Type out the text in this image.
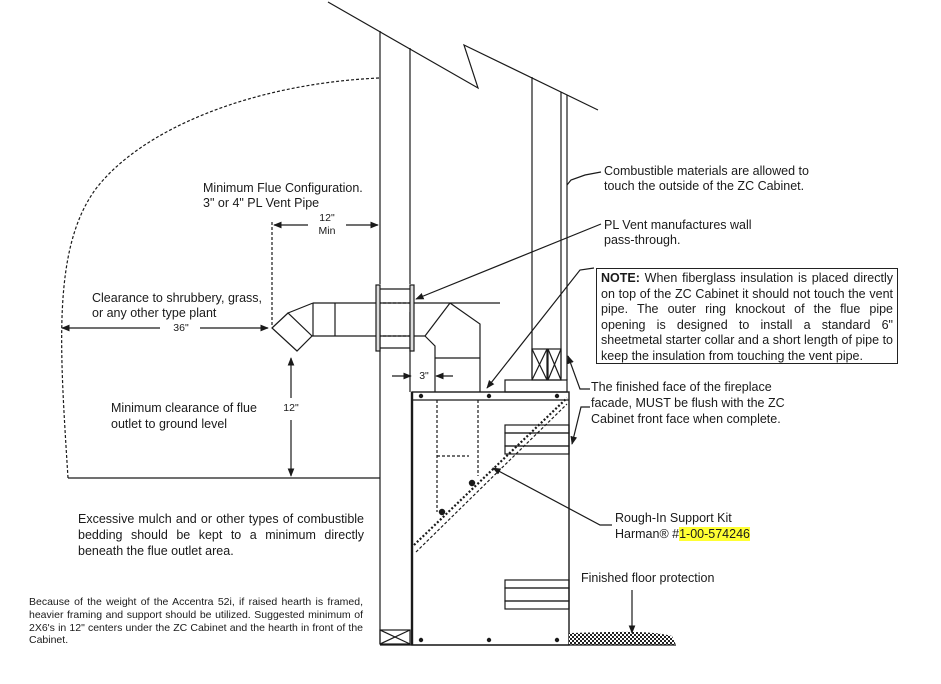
Minimum Flue Configuration.
3" or 4" PL Vent Pipe
12"
Min
Clearance to shrubbery, grass,
or any other type plant
36"
Minimum clearance of flue
outlet to ground level
12"
3"
Combustible materials are allowed to
touch the outside of the ZC Cabinet.
PL Vent manufactures wall
pass-through.
NOTE: When fiberglass insulation is placed directly on top of the ZC Cabinet it should not touch the vent pipe. The outer ring knockout of the flue pipe opening is designed to install a standard 6" sheetmetal starter collar and a short length of pipe to keep the insulation from touching the vent pipe.
The finished face of the fireplace
facade, MUST be flush with the ZC
Cabinet front face when complete.
Rough-In Support Kit
Harman® #1-00-574246
Finished floor protection
Excessive mulch and or other types of combustible bedding should be kept to a minimum directly beneath the flue outlet area.
Because of the weight of the Accentra 52i, if raised hearth is framed, heavier framing and support should be utilized. Suggested minimum of 2X6's in 12" centers under the ZC Cabinet and the hearth in front of the Cabinet.
